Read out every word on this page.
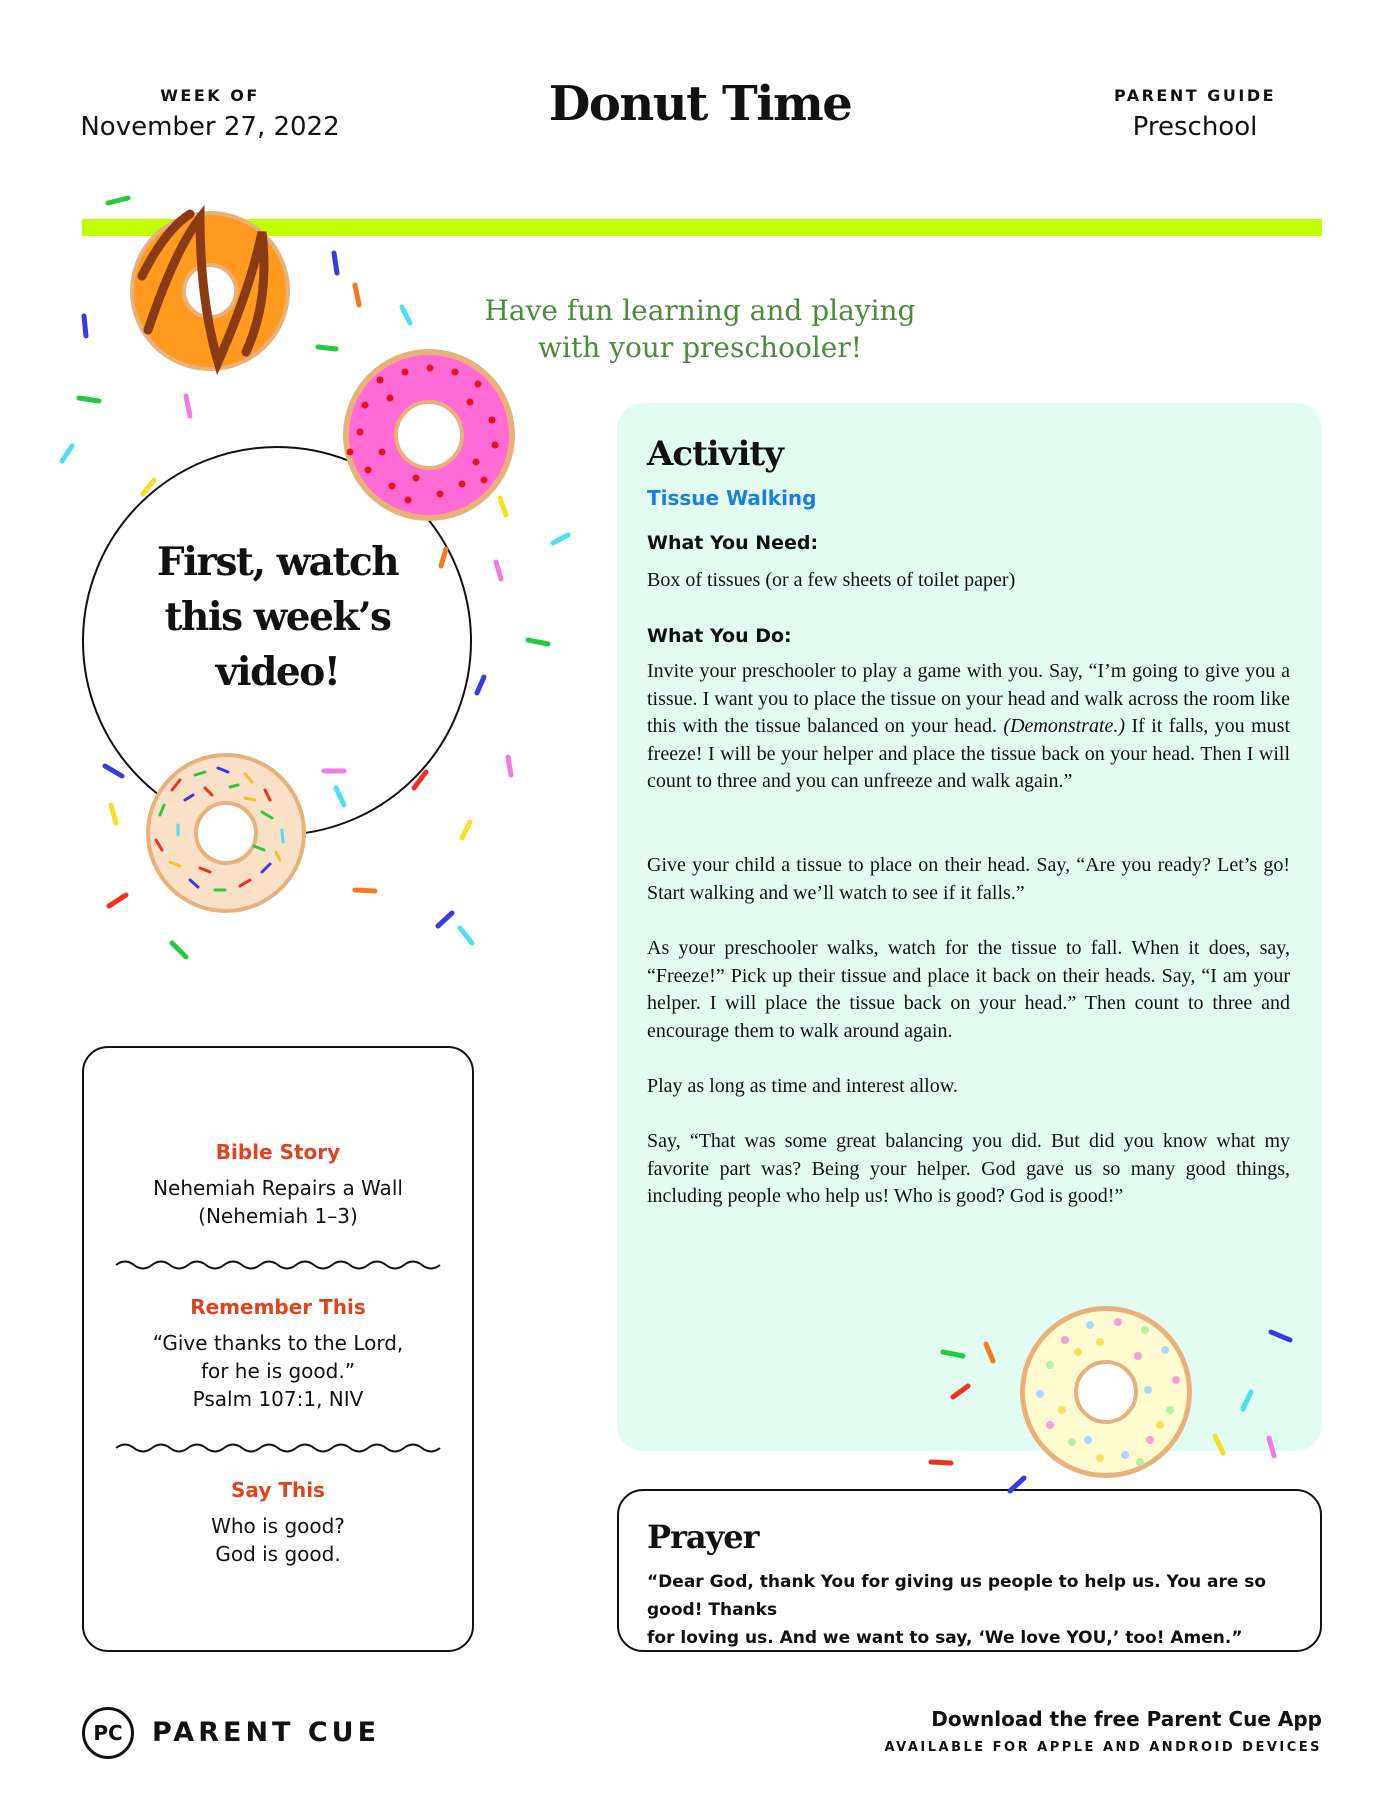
WEEK OF
November 27, 2022	Donut Time	PARENT GUIDE
Preschool
Have fun learning and playing
with your preschooler!
First, watch
this week’s
video!
Activity
Tissue Walking
What You Need:
Box of tissues (or a few sheets of toilet paper)
What You Do:
Invite your preschooler to play a game with you. Say, “I’m going to give you a tissue. I want you to place the tissue on your head and walk across the room like this with the tissue balanced on your head. (Demonstrate.) If it falls, you must freeze! I will be your helper and place the tissue back on your head. Then I will count to three and you can unfreeze and walk again.”
Give your child a tissue to place on their head. Say, “Are you ready? Let’s go! Start walking and we’ll watch to see if it falls.”
As your preschooler walks, watch for the tissue to fall. When it does, say, “Freeze!” Pick up their tissue and place it back on their heads. Say, “I am your helper. I will place the tissue back on your head.” Then count to three and encourage them to walk around again.
Play as long as time and interest allow.
Say, “That was some great balancing you did. But did you know what my favorite part was? Being your helper. God gave us so many good things, including people who help us! Who is good? God is good!”
Bible Story
Nehemiah Repairs a Wall
(Nehemiah 1–3)
Remember This
“Give thanks to the Lord,
for he is good.”
Psalm 107:1, NIV
Say This
Who is good?
God is good.	Prayer
“Dear God, thank You for giving us people to help us. You are so good! Thanks
for loving us. And we want to say, ‘We love YOU,’ too! Amen.”
PC	PARENT CUE	Download the free Parent Cue App
AVAILABLE FOR APPLE AND ANDROID DEVICES
